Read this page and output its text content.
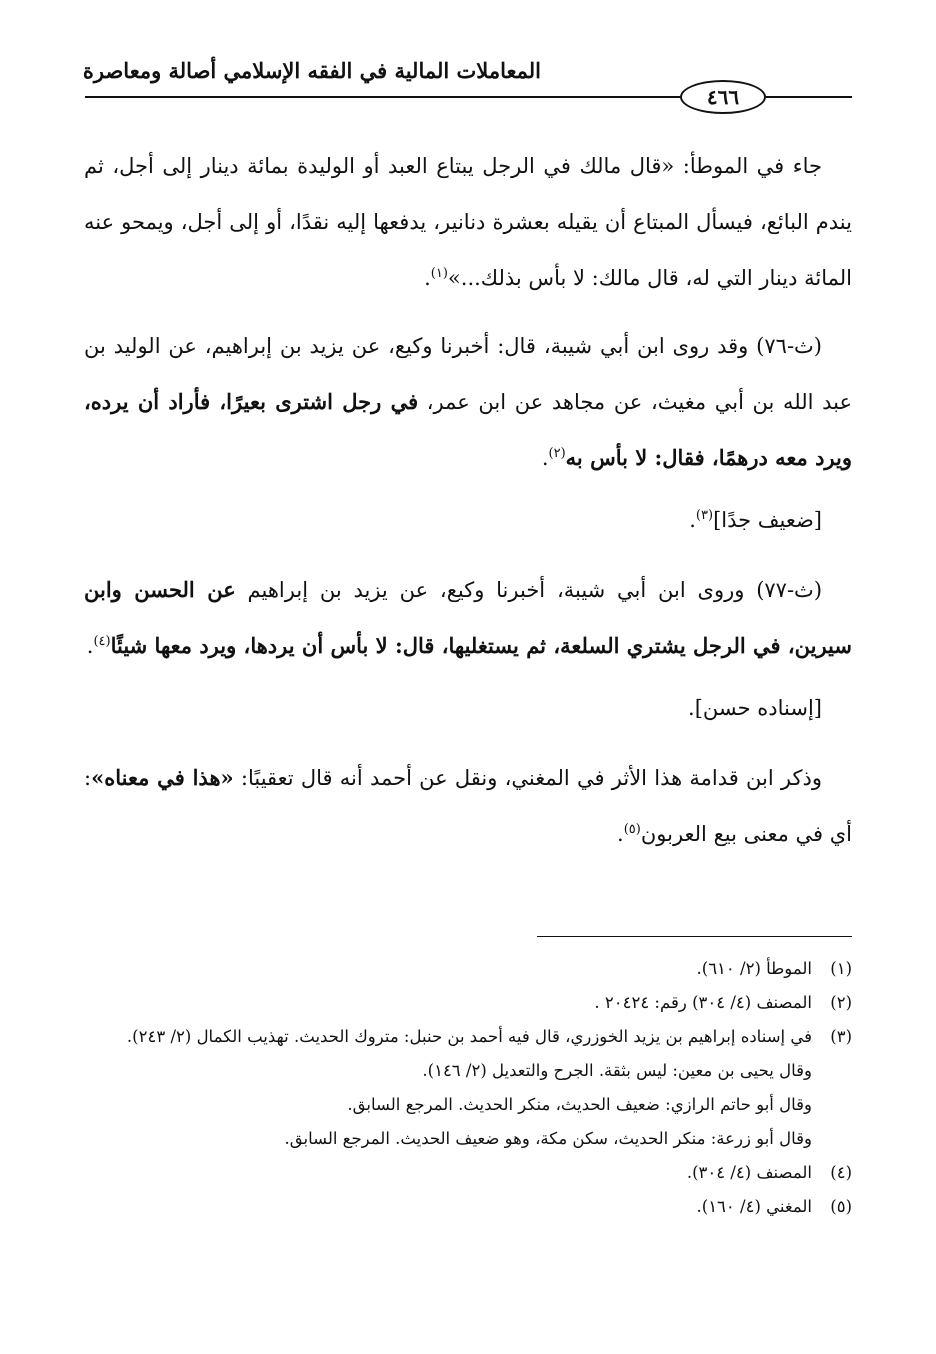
المعاملات المالية في الفقه الإسلامي أصالة ومعاصرة
٤٦٦

جاء في الموطأ: «قال مالك في الرجل يبتاع العبد أو الوليدة بمائة دينار إلى أجل، ثم يندم البائع، فيسأل المبتاع أن يقيله بعشرة دنانير، يدفعها إليه نقدًا، أو إلى أجل، ويمحو عنه المائة دينار التي له، قال مالك: لا بأس بذلك...»$^{(١)}$.

(ث-٧٦) وقد روى ابن أبي شيبة، قال: أخبرنا وكيع، عن يزيد بن إبراهيم، عن الوليد بن عبد الله بن أبي مغيث، عن مجاهد عن ابن عمر، في رجل اشترى بعيرًا، فأراد أن يرده، ويرد معه درهمًا، فقال: لا بأس به$^{(٢)}$.

[ضعيف جدًا]$^{(٣)}$.

(ث-٧٧) وروى ابن أبي شيبة، أخبرنا وكيع، عن يزيد بن إبراهيم عن الحسن وابن سيرين، في الرجل يشتري السلعة، ثم يستغليها، قال: لا بأس أن يردها، ويرد معها شيئًا$^{(٤)}$.

[إسناده حسن].

وذكر ابن قدامة هذا الأثر في المغني، ونقل عن أحمد أنه قال تعقيبًا: «هذا في معناه»: أي في معنى بيع العربون$^{(٥)}$.

(١)
الموطأ (٢/ ٦١٠).
(٢)
المصنف (٤/ ٣٠٤) رقم: ٢٠٤٢٤ .
(٣)
في إسناده إبراهيم بن يزيد الخوزري، قال فيه أحمد بن حنبل: متروك الحديث. تهذيب الكمال (٢/ ٢٤٣).
وقال يحيى بن معين: ليس بثقة. الجرح والتعديل (٢/ ١٤٦).
وقال أبو حاتم الرازي: ضعيف الحديث، منكر الحديث. المرجع السابق.
وقال أبو زرعة: منكر الحديث، سكن مكة، وهو ضعيف الحديث. المرجع السابق.
(٤)
المصنف (٤/ ٣٠٤).
(٥)
المغني (٤/ ١٦٠).
